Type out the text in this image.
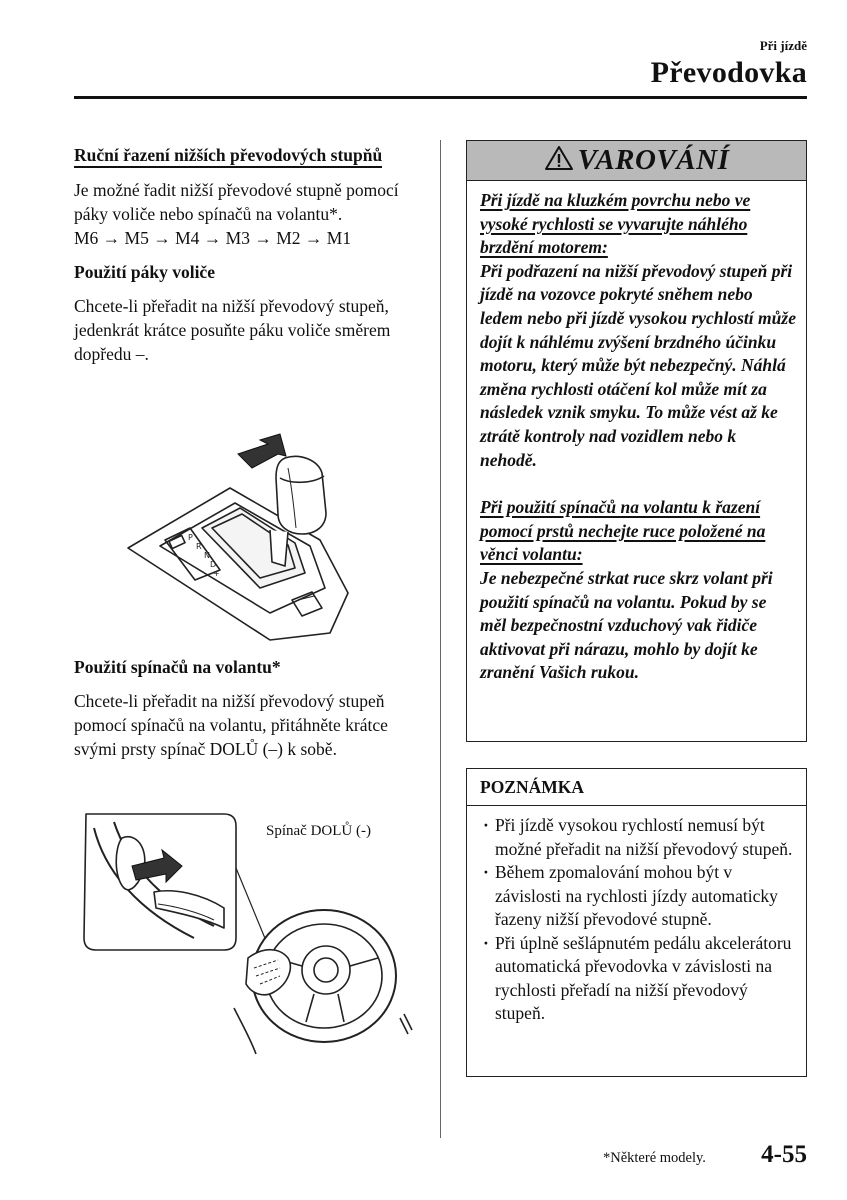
Při jízdě
Převodovka
Ruční řazení nižších převodových stupňů

Je možné řadit nižší převodové stupně pomocí páky voliče nebo spínačů na volantu*.

M6 → M5 → M4 → M3 → M2 → M1

Použití páky voliče

Chcete-li přeřadit na nižší převodový stupeň, jedenkrát krátce posuňte páku voliče směrem dopředu –.

P
R
N
D
+

Použití spínačů na volantu*

Chcete-li přeřadit na nižší převodový stupeň pomocí spínačů na volantu, přitáhněte krátce svými prsty spínač DOLŮ (–) k sobě.

Spínač DOLŮ (-)
VAROVÁNÍ
Při jízdě na kluzkém povrchu nebo ve vysoké rychlosti se vyvarujte náhlého brzdění motorem:
Při podřazení na nižší převodový stupeň při jízdě na vozovce pokryté sněhem nebo ledem nebo při jízdě vysokou rychlostí může dojít k náhlému zvýšení brzdného účinku motoru, který může být nebezpečný. Náhlá změna rychlosti otáčení kol může mít za následek vznik smyku. To může vést až ke ztrátě kontroly nad vozidlem nebo k nehodě.
Při použití spínačů na volantu k řazení pomocí prstů nechejte ruce položené na věnci volantu:
Je nebezpečné strkat ruce skrz volant při použití spínačů na volantu. Pokud by se měl bezpečnostní vzduchový vak řidiče aktivovat při nárazu, mohlo by dojít ke zranění Vašich rukou.
POZNÁMKA
· Při jízdě vysokou rychlostí nemusí být možné přeřadit na nižší převodový stupeň.
· Během zpomalování mohou být v závislosti na rychlosti jízdy automaticky řazeny nižší převodové stupně.
· Při úplně sešlápnutém pedálu akcelerátoru automatická převodovka v závislosti na rychlosti přeřadí na nižší převodový stupeň.
*Některé modely. 4-55
